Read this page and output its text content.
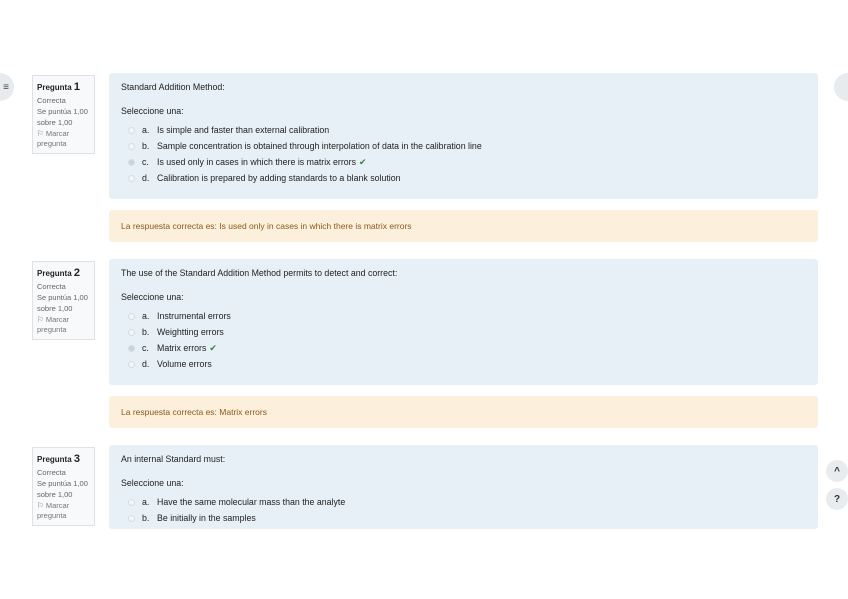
≡	Pregunta 1
Correcta
Se puntúa 1,00
sobre 1,00
⚐ Marcar
pregunta
Standard Addition Method:
Seleccione una:
a. Is simple and faster than external calibration
b. Sample concentration is obtained through interpolation of data in the calibration line
c. Is used only in cases in which there is matrix errors ✔
d. Calibration is prepared by adding standards to a blank solution
La respuesta correcta es: Is used only in cases in which there is matrix errors
Pregunta 2
Correcta
Se puntúa 1,00
sobre 1,00
⚐ Marcar
pregunta
The use of the Standard Addition Method permits to detect and correct:
Seleccione una:
a. Instrumental errors
b. Weightting errors
c. Matrix errors ✔
d. Volume errors
La respuesta correcta es: Matrix errors
Pregunta 3
Correcta
Se puntúa 1,00
sobre 1,00
⚐ Marcar
pregunta
An internal Standard must:
Seleccione una:
a. Have the same molecular mass than the analyte
b. Be initially in the samples
^
?
